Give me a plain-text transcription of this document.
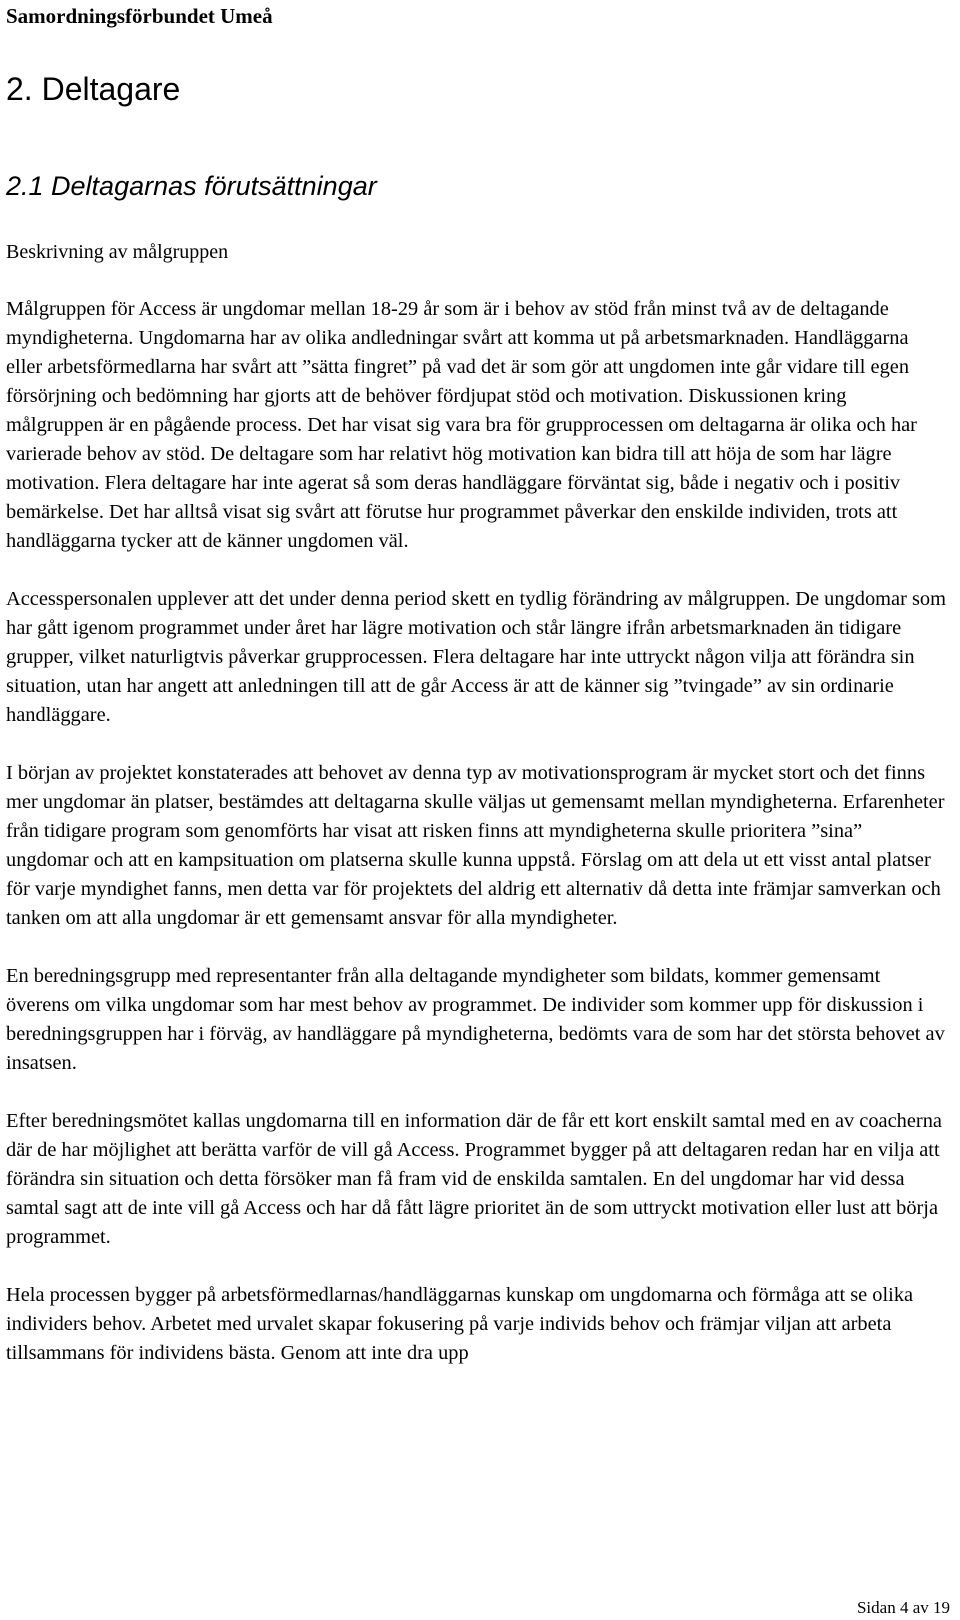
Samordningsförbundet Umeå
2. Deltagare
2.1 Deltagarnas förutsättningar
Beskrivning av målgruppen

Målgruppen för Access är ungdomar mellan 18-29 år som är i behov av stöd från minst två av de deltagande myndigheterna. Ungdomarna har av olika andledningar svårt att komma ut på arbetsmarknaden. Handläggarna eller arbetsförmedlarna har svårt att ”sätta fingret” på vad det är som gör att ungdomen inte går vidare till egen försörjning och bedömning har gjorts att de behöver fördjupat stöd och motivation. Diskussionen kring målgruppen är en pågående process. Det har visat sig vara bra för grupprocessen om deltagarna är olika och har varierade behov av stöd. De deltagare som har relativt hög motivation kan bidra till att höja de som har lägre motivation. Flera deltagare har inte agerat så som deras handläggare förväntat sig, både i negativ och i positiv bemärkelse. Det har alltså visat sig svårt att förutse hur programmet påverkar den enskilde individen, trots att handläggarna tycker att de känner ungdomen väl.

Accesspersonalen upplever att det under denna period skett en tydlig förändring av målgruppen. De ungdomar som har gått igenom programmet under året har lägre motivation och står längre ifrån arbetsmarknaden än tidigare grupper, vilket naturligtvis påverkar grupprocessen. Flera deltagare har inte uttryckt någon vilja att förändra sin situation, utan har angett att anledningen till att de går Access är att de känner sig ”tvingade” av sin ordinarie handläggare.

I början av projektet konstaterades att behovet av denna typ av motivationsprogram är mycket stort och det finns mer ungdomar än platser, bestämdes att deltagarna skulle väljas ut gemensamt mellan myndigheterna. Erfarenheter från tidigare program som genomförts har visat att risken finns att myndigheterna skulle prioritera ”sina” ungdomar och att en kampsituation om platserna skulle kunna uppstå. Förslag om att dela ut ett visst antal platser för varje myndighet fanns, men detta var för projektets del aldrig ett alternativ då detta inte främjar samverkan och tanken om att alla ungdomar är ett gemensamt ansvar för alla myndigheter.

En beredningsgrupp med representanter från alla deltagande myndigheter som bildats, kommer gemensamt överens om vilka ungdomar som har mest behov av programmet. De individer som kommer upp för diskussion i beredningsgruppen har i förväg, av handläggare på myndigheterna, bedömts vara de som har det största behovet av insatsen.

Efter beredningsmötet kallas ungdomarna till en information där de får ett kort enskilt samtal med en av coacherna där de har möjlighet att berätta varför de vill gå Access. Programmet bygger på att deltagaren redan har en vilja att förändra sin situation och detta försöker man få fram vid de enskilda samtalen. En del ungdomar har vid dessa samtal sagt att de inte vill gå Access och har då fått lägre prioritet än de som uttryckt motivation eller lust att börja programmet.

Hela processen bygger på arbetsförmedlarnas/handläggarnas kunskap om ungdomarna och förmåga att se olika individers behov. Arbetet med urvalet skapar fokusering på varje individs behov och främjar viljan att arbeta tillsammans för individens bästa. Genom att inte dra upp

Sidan 4 av 19
